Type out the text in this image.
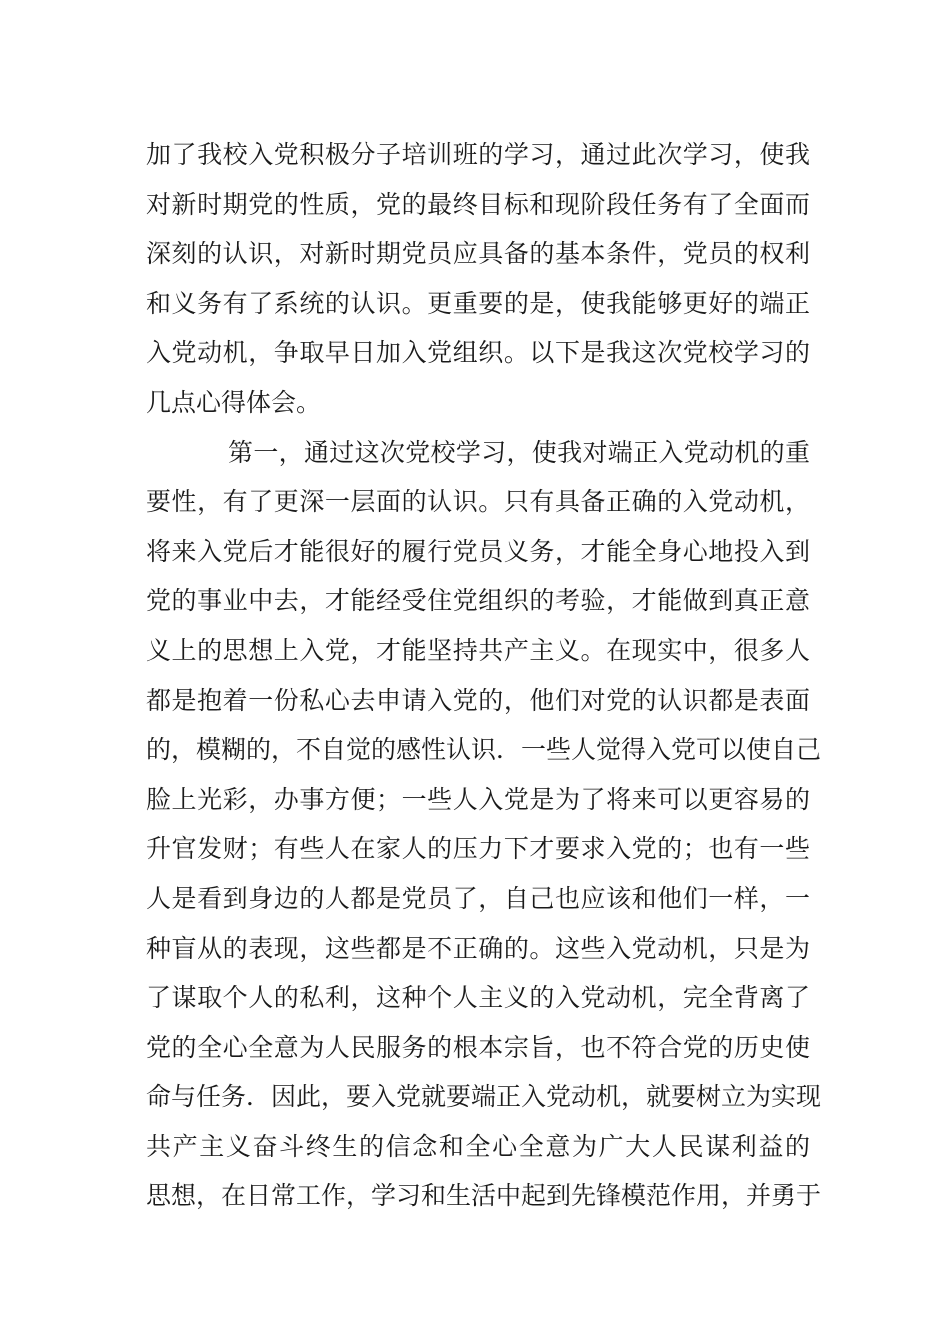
加了我校入党积极分子培训班的学习，通过此次学习，使我
对新时期党的性质，党的最终目标和现阶段任务有了全面而
深刻的认识，对新时期党员应具备的基本条件，党员的权利
和义务有了系统的认识。更重要的是，使我能够更好的端正
入党动机，争取早日加入党组织。以下是我这次党校学习的
几点心得体会。
第一，通过这次党校学习，使我对端正入党动机的重
要性，有了更深一层面的认识。只有具备正确的入党动机，
将来入党后才能很好的履行党员义务，才能全身心地投入到
党的事业中去，才能经受住党组织的考验，才能做到真正意
义上的思想上入党，才能坚持共产主义。在现实中，很多人
都是抱着一份私心去申请入党的，他们对党的认识都是表面
的，模糊的，不自觉的感性认识．一些人觉得入党可以使自己
脸上光彩，办事方便；一些人入党是为了将来可以更容易的
升官发财；有些人在家人的压力下才要求入党的；也有一些
人是看到身边的人都是党员了，自己也应该和他们一样，一
种盲从的表现，这些都是不正确的。这些入党动机，只是为
了谋取个人的私利，这种个人主义的入党动机，完全背离了
党的全心全意为人民服务的根本宗旨，也不符合党的历史使
命与任务．因此，要入党就要端正入党动机，就要树立为实现
共产主义奋斗终生的信念和全心全意为广大人民谋利益的
思想，在日常工作，学习和生活中起到先锋模范作用，并勇于
